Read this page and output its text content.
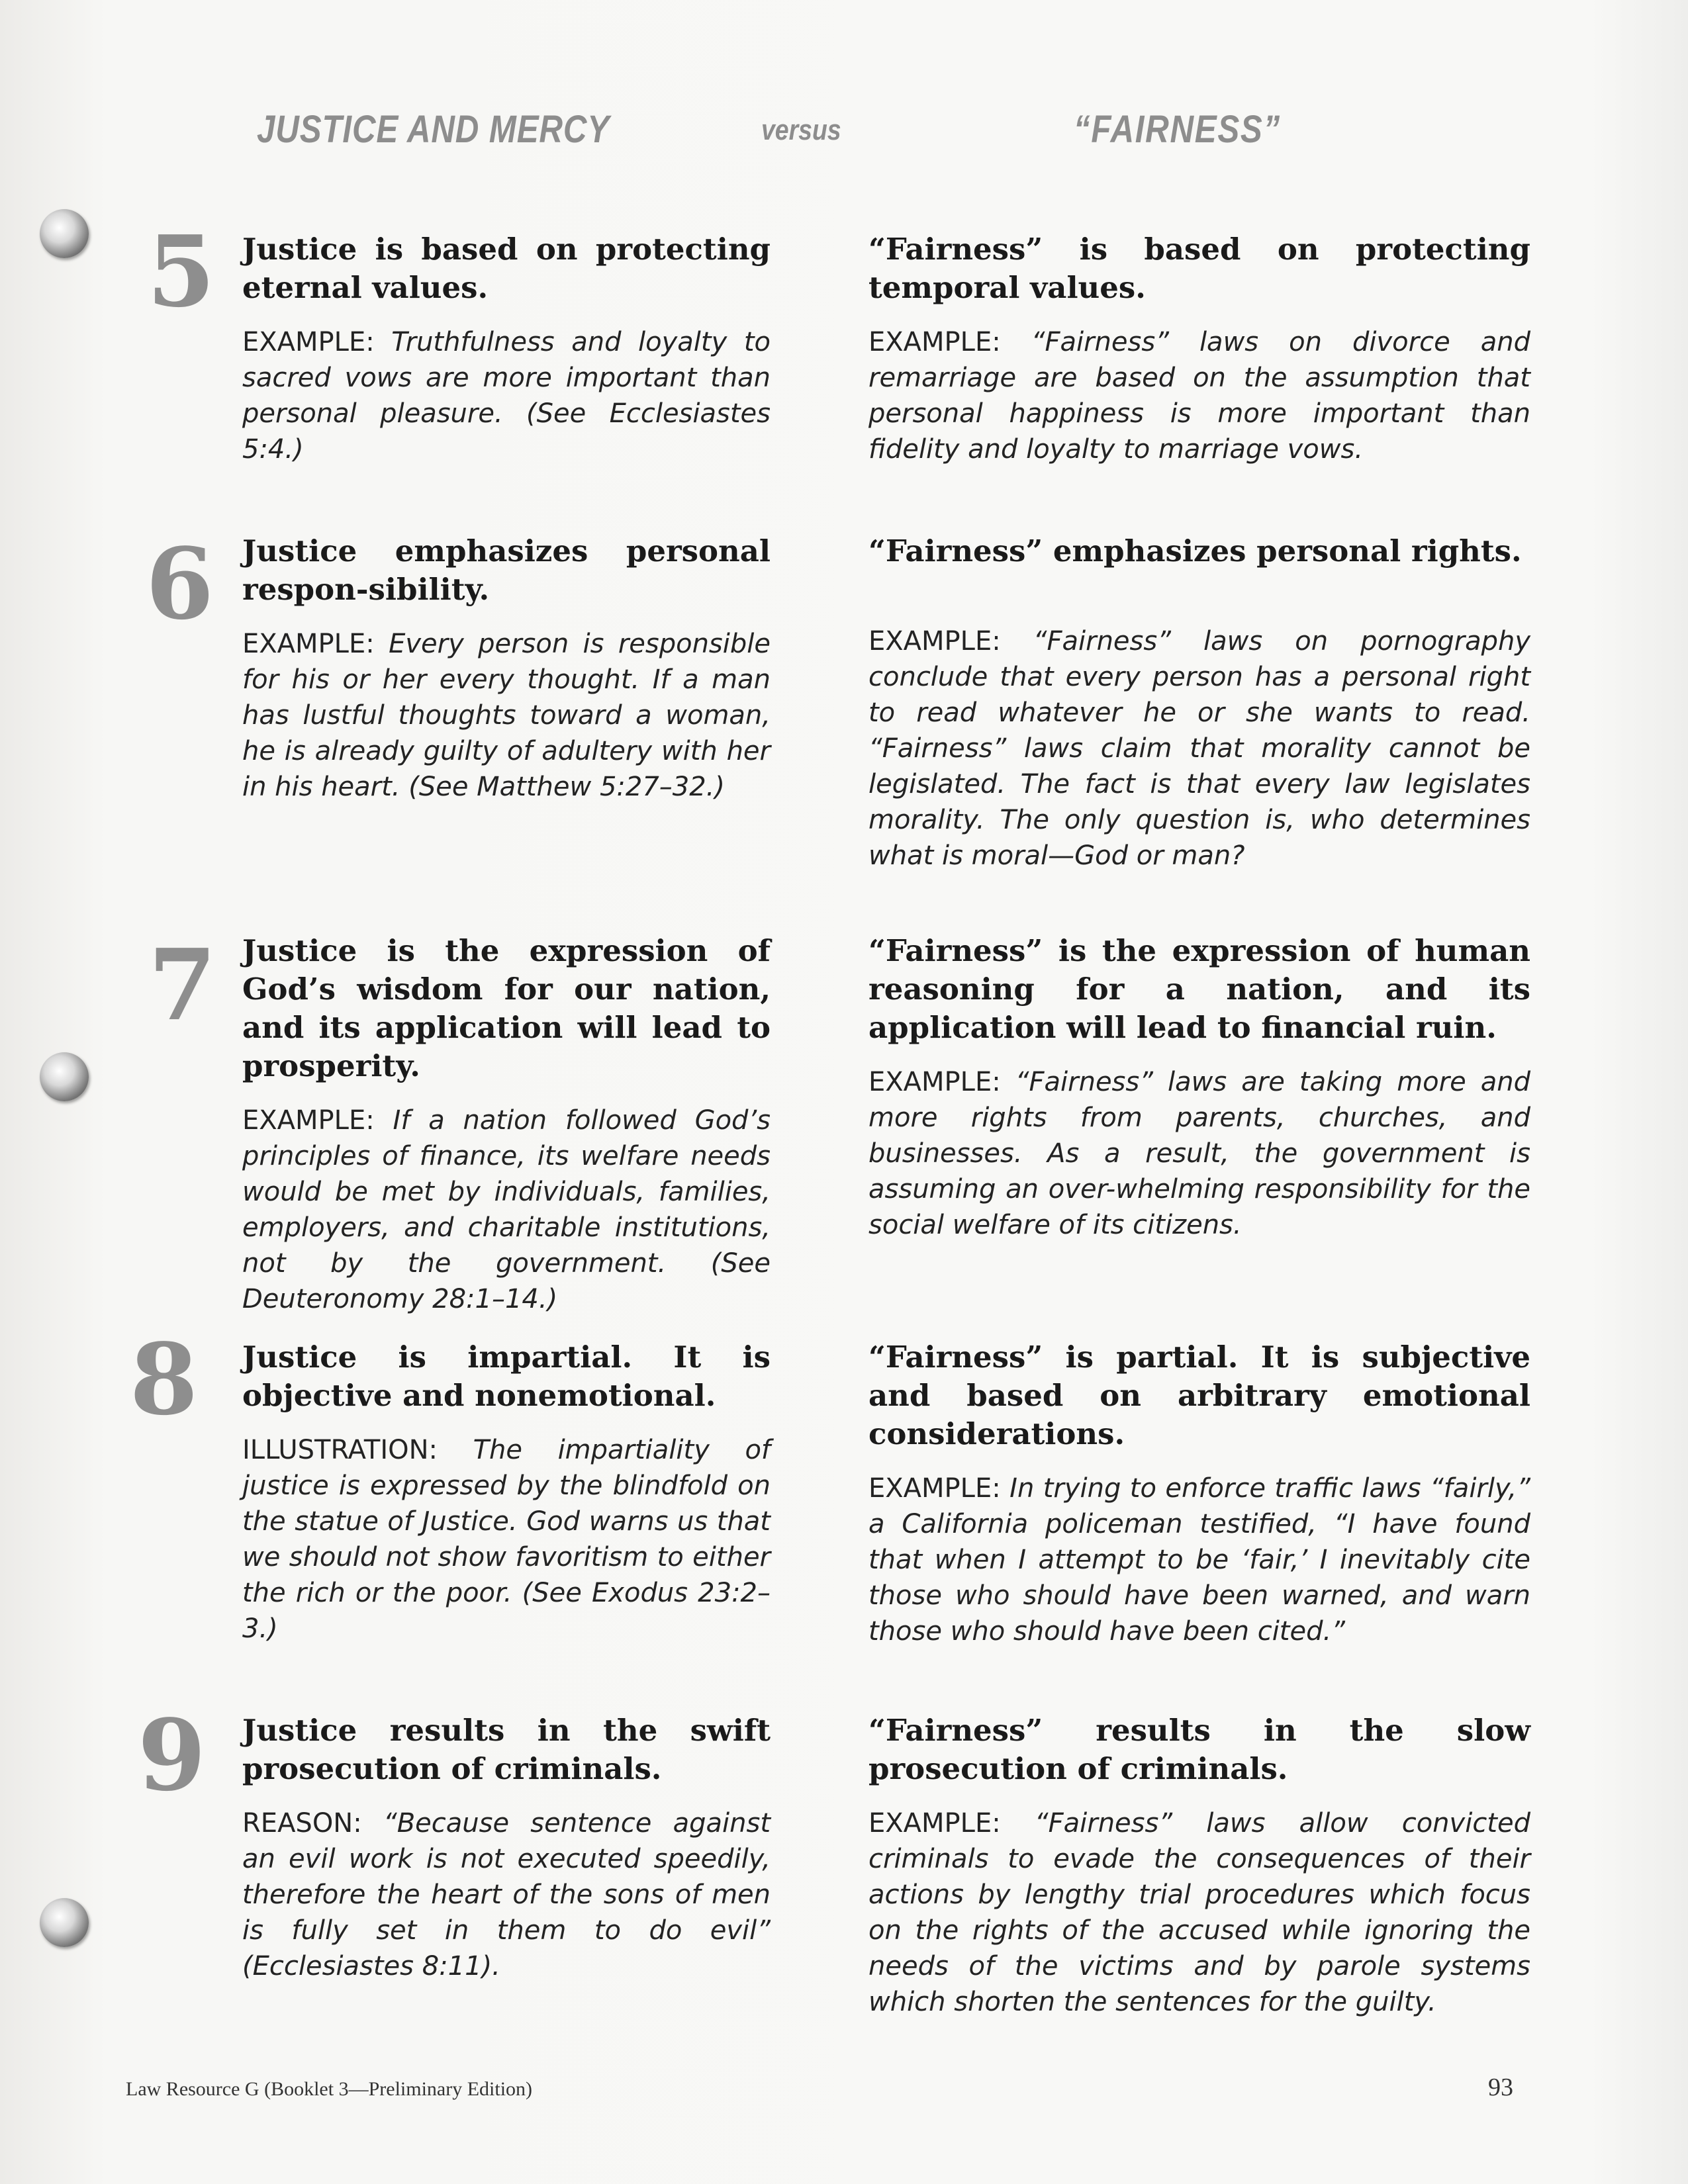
JUSTICE AND MERCY	versus	“FAIRNESS”
5 Justice is based on protecting eternal values.

EXAMPLE: Truthfulness and loyalty to sacred vows are more important than personal pleasure. (See Ecclesiastes 5:4.)

“Fairness” is based on protecting temporal values.

EXAMPLE: “Fairness” laws on divorce and remarriage are based on the assumption that personal happiness is more important than fidelity and loyalty to marriage vows.

6 Justice emphasizes personal respon-sibility.

EXAMPLE: Every person is responsible for his or her every thought. If a man has lustful thoughts toward a woman, he is already guilty of adultery with her in his heart. (See Matthew 5:27–32.)

“Fairness” emphasizes personal rights.

EXAMPLE: “Fairness” laws on pornography conclude that every person has a personal right to read whatever he or she wants to read. “Fairness” laws claim that morality cannot be legislated. The fact is that every law legislates morality. The only question is, who determines what is moral—God or man?

7 Justice is the expression of God’s wisdom for our nation, and its application will lead to prosperity.

EXAMPLE: If a nation followed God’s principles of finance, its welfare needs would be met by individuals, families, employers, and charitable institutions, not by the government. (See Deuteronomy 28:1–14.)

“Fairness” is the expression of human reasoning for a nation, and its application will lead to financial ruin.

EXAMPLE: “Fairness” laws are taking more and more rights from parents, churches, and businesses. As a result, the government is assuming an over-whelming responsibility for the social welfare of its citizens.

8 Justice is impartial. It is objective and nonemotional.

ILLUSTRATION: The impartiality of justice is expressed by the blindfold on the statue of Justice. God warns us that we should not show favoritism to either the rich or the poor. (See Exodus 23:2–3.)

“Fairness” is partial. It is subjective and based on arbitrary emotional considerations.

EXAMPLE: In trying to enforce traffic laws “fairly,” a California policeman testified, “I have found that when I attempt to be ‘fair,’ I inevitably cite those who should have been warned, and warn those who should have been cited.”

9 Justice results in the swift prosecution of criminals.

REASON: “Because sentence against an evil work is not executed speedily, therefore the heart of the sons of men is fully set in them to do evil” (Ecclesiastes 8:11).

“Fairness” results in the slow prosecution of criminals.

EXAMPLE: “Fairness” laws allow convicted criminals to evade the consequences of their actions by lengthy trial procedures which focus on the rights of the accused while ignoring the needs of the victims and by parole systems which shorten the sentences for the guilty.

Law Resource G (Booklet 3—Preliminary Edition)	93
